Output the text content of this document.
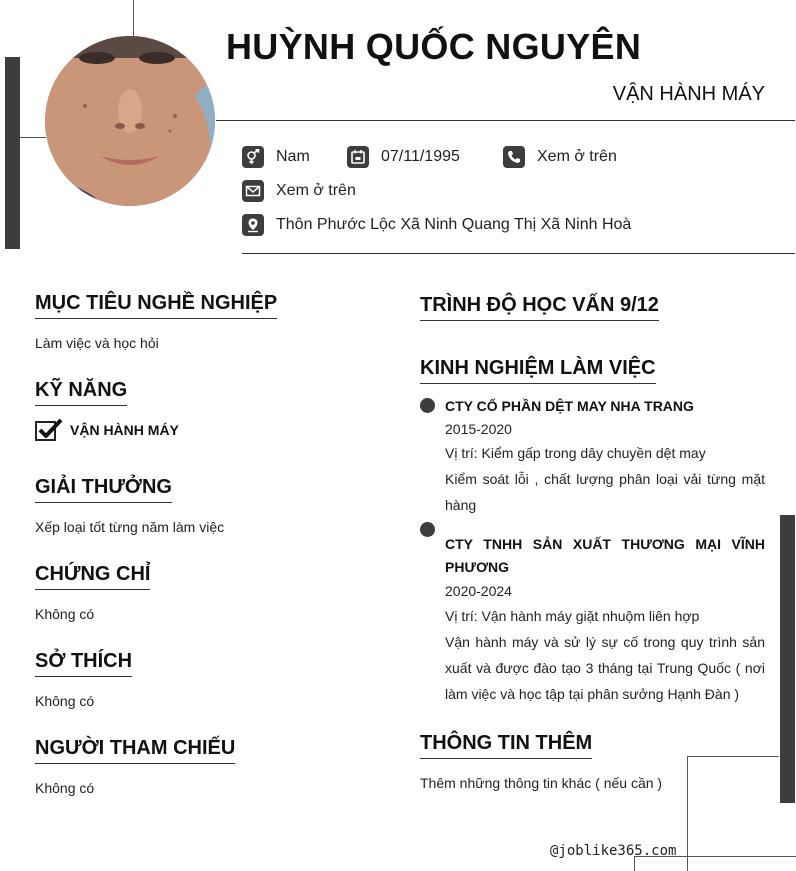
HUỲNH QUỐC NGUYÊN
VẬN HÀNH MÁY
Nam	07/11/1995	Xem ở trên
Xem ở trên
Thôn Phước Lộc Xã Ninh Quang Thị Xã Ninh Hoà
MỤC TIÊU NGHỀ NGHIỆP
Làm việc và học hỏi
KỸ NĂNG
VẬN HÀNH MÁY
GIẢI THƯỞNG
Xếp loại tốt từng năm làm việc
CHỨNG CHỈ
Không có
SỞ THÍCH
Không có
NGƯỜI THAM CHIẾU
Không có
TRÌNH ĐỘ HỌC VẤN 9/12
KINH NGHIỆM LÀM VIỆC
CTY CỔ PHẦN DỆT MAY NHA TRANG
2015-2020
Vị trí: Kiểm gấp trong dây chuyền dệt may
Kiểm soát lỗi , chất lượng phân loại vải từng mặt hàng
CTY TNHH SẢN XUẤT THƯƠNG MẠI VĨNH PHƯƠNG
2020-2024
Vị trí: Vận hành máy giặt nhuộm liên hợp
Vận hành máy và sử lý sự cố trong quy trình sản xuất và được đào tạo 3 tháng tại Trung Quốc ( nơi làm việc và học tập tại phân sưởng Hạnh Đàn )
THÔNG TIN THÊM
Thêm những thông tin khác ( nếu cần )
@joblike365.com
